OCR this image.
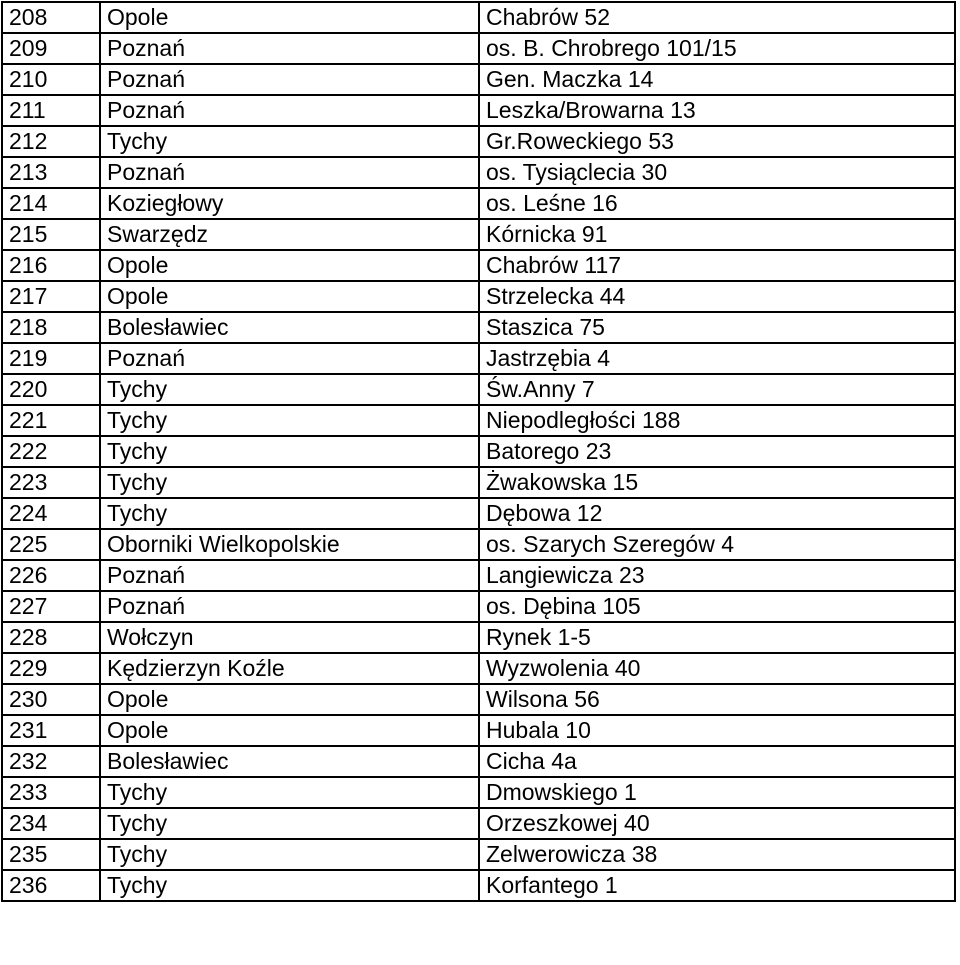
208	Opole	Chabrów 52
209	Poznań	os. B. Chrobrego 101/15
210	Poznań	Gen. Maczka 14
211	Poznań	Leszka/Browarna 13
212	Tychy	Gr.Roweckiego 53
213	Poznań	os. Tysiąclecia 30
214	Koziegłowy	os. Leśne 16
215	Swarzędz	Kórnicka 91
216	Opole	Chabrów 117
217	Opole	Strzelecka 44
218	Bolesławiec	Staszica 75
219	Poznań	Jastrzębia 4
220	Tychy	Św.Anny 7
221	Tychy	Niepodległości 188
222	Tychy	Batorego 23
223	Tychy	Żwakowska 15
224	Tychy	Dębowa 12
225	Oborniki Wielkopolskie	os. Szarych Szeregów 4
226	Poznań	Langiewicza 23
227	Poznań	os. Dębina 105
228	Wołczyn	Rynek 1-5
229	Kędzierzyn Koźle	Wyzwolenia 40
230	Opole	Wilsona 56
231	Opole	Hubala 10
232	Bolesławiec	Cicha 4a
233	Tychy	Dmowskiego 1
234	Tychy	Orzeszkowej 40
235	Tychy	Zelwerowicza 38
236	Tychy	Korfantego 1
